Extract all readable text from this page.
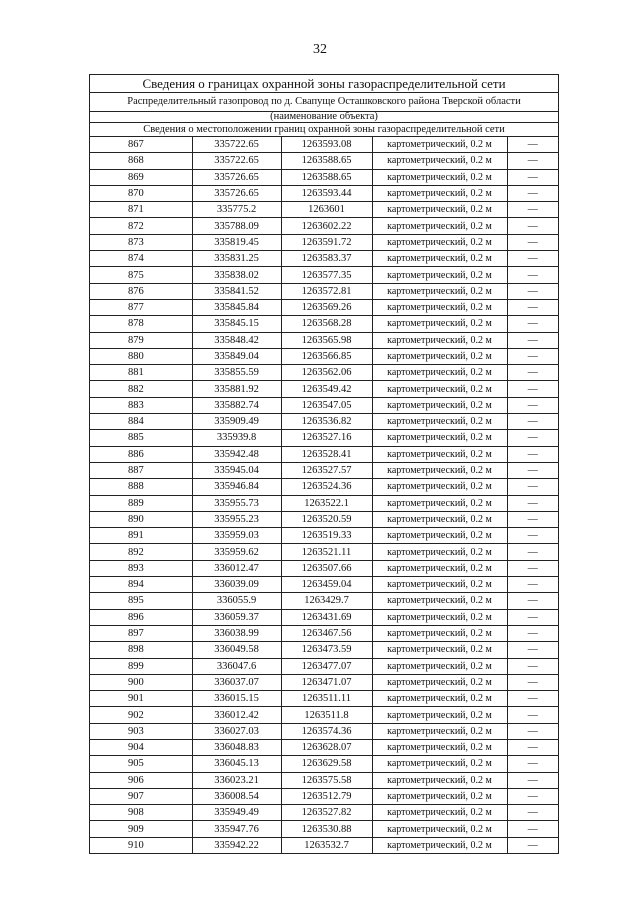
32
Сведения о границах охранной зоны газораспределительной сети
Распределительный газопровод по д. Свапуще Осташковского района Тверской области
(наименование объекта)
Сведения о местоположении границ охранной зоны газораспределительной сети
867	335722.65	1263593.08	картометрический, 0.2 м	—
868	335722.65	1263588.65	картометрический, 0.2 м	—
869	335726.65	1263588.65	картометрический, 0.2 м	—
870	335726.65	1263593.44	картометрический, 0.2 м	—
871	335775.2	1263601	картометрический, 0.2 м	—
872	335788.09	1263602.22	картометрический, 0.2 м	—
873	335819.45	1263591.72	картометрический, 0.2 м	—
874	335831.25	1263583.37	картометрический, 0.2 м	—
875	335838.02	1263577.35	картометрический, 0.2 м	—
876	335841.52	1263572.81	картометрический, 0.2 м	—
877	335845.84	1263569.26	картометрический, 0.2 м	—
878	335845.15	1263568.28	картометрический, 0.2 м	—
879	335848.42	1263565.98	картометрический, 0.2 м	—
880	335849.04	1263566.85	картометрический, 0.2 м	—
881	335855.59	1263562.06	картометрический, 0.2 м	—
882	335881.92	1263549.42	картометрический, 0.2 м	—
883	335882.74	1263547.05	картометрический, 0.2 м	—
884	335909.49	1263536.82	картометрический, 0.2 м	—
885	335939.8	1263527.16	картометрический, 0.2 м	—
886	335942.48	1263528.41	картометрический, 0.2 м	—
887	335945.04	1263527.57	картометрический, 0.2 м	—
888	335946.84	1263524.36	картометрический, 0.2 м	—
889	335955.73	1263522.1	картометрический, 0.2 м	—
890	335955.23	1263520.59	картометрический, 0.2 м	—
891	335959.03	1263519.33	картометрический, 0.2 м	—
892	335959.62	1263521.11	картометрический, 0.2 м	—
893	336012.47	1263507.66	картометрический, 0.2 м	—
894	336039.09	1263459.04	картометрический, 0.2 м	—
895	336055.9	1263429.7	картометрический, 0.2 м	—
896	336059.37	1263431.69	картометрический, 0.2 м	—
897	336038.99	1263467.56	картометрический, 0.2 м	—
898	336049.58	1263473.59	картометрический, 0.2 м	—
899	336047.6	1263477.07	картометрический, 0.2 м	—
900	336037.07	1263471.07	картометрический, 0.2 м	—
901	336015.15	1263511.11	картометрический, 0.2 м	—
902	336012.42	1263511.8	картометрический, 0.2 м	—
903	336027.03	1263574.36	картометрический, 0.2 м	—
904	336048.83	1263628.07	картометрический, 0.2 м	—
905	336045.13	1263629.58	картометрический, 0.2 м	—
906	336023.21	1263575.58	картометрический, 0.2 м	—
907	336008.54	1263512.79	картометрический, 0.2 м	—
908	335949.49	1263527.82	картометрический, 0.2 м	—
909	335947.76	1263530.88	картометрический, 0.2 м	—
910	335942.22	1263532.7	картометрический, 0.2 м	—
